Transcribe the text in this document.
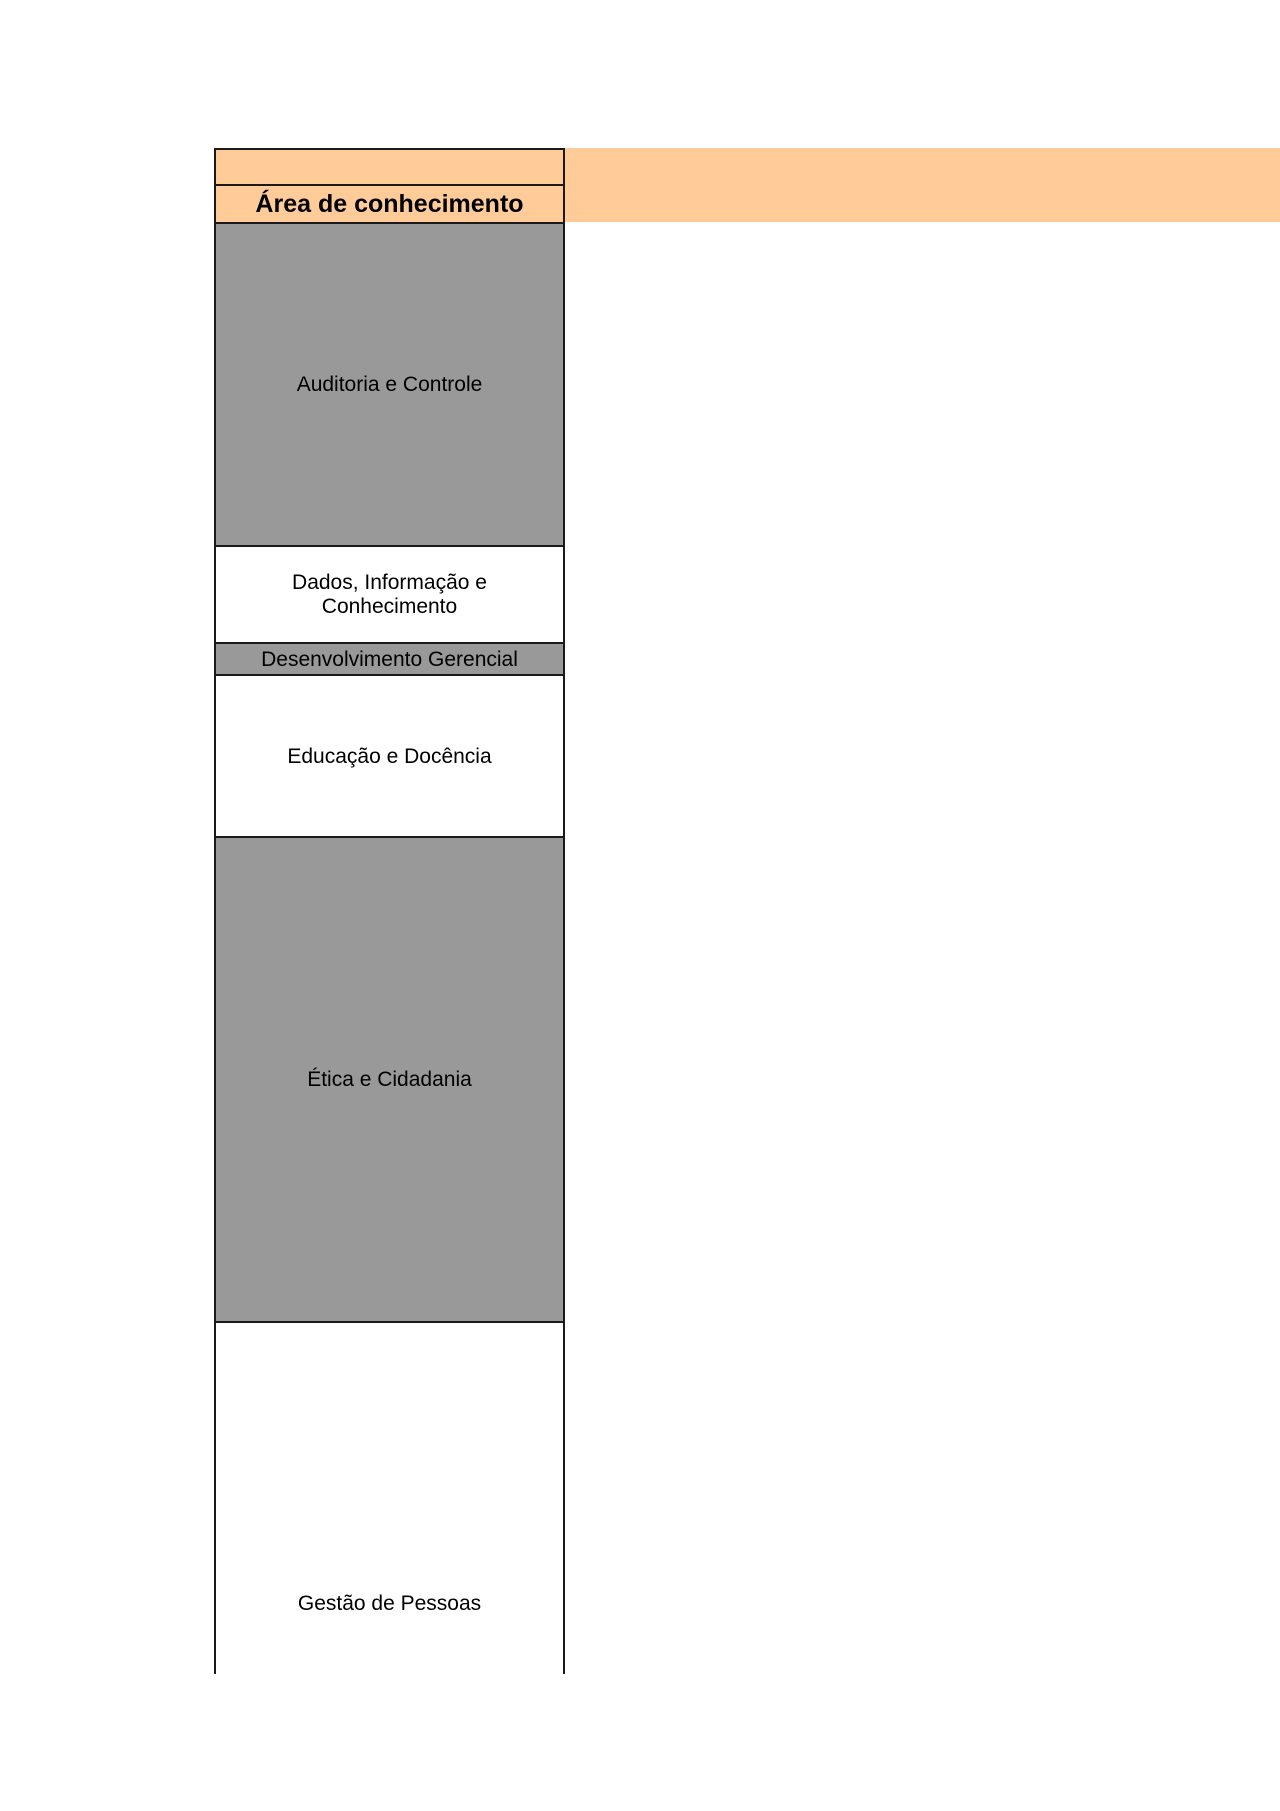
Área de conhecimento
Auditoria e Controle
Dados, Informação e Conhecimento
Desenvolvimento Gerencial
Educação e Docência
Ética e Cidadania
Gestão de Pessoas
